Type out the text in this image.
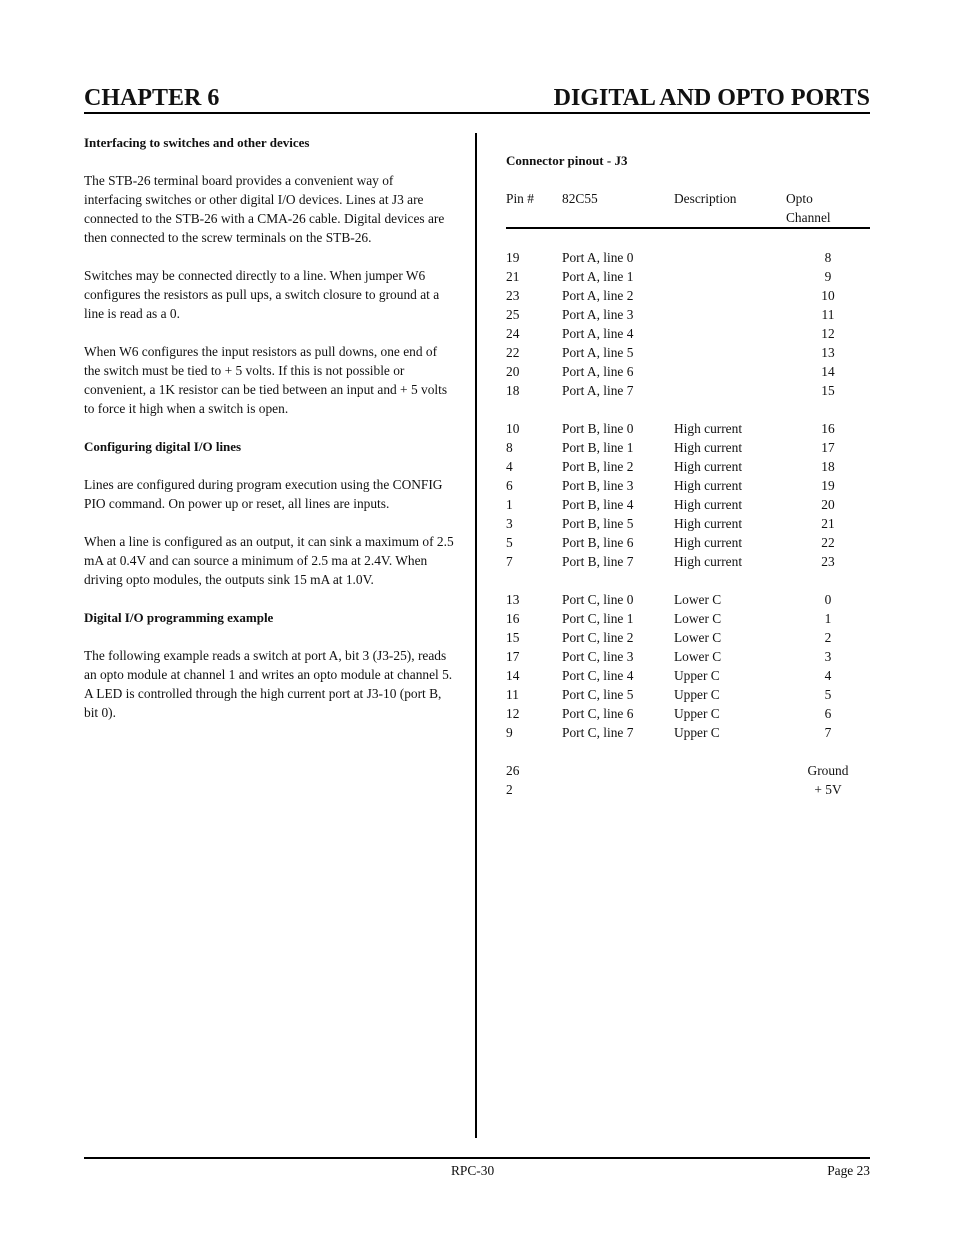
CHAPTER 6	DIGITAL AND OPTO PORTS
Interfacing to switches and other devices

The STB-26 terminal board provides a convenient way of interfacing switches or other digital I/O devices. Lines at J3 are connected to the STB-26 with a CMA-26 cable. Digital devices are then connected to the screw terminals on the STB-26.

Switches may be connected directly to a line. When jumper W6 configures the resistors as pull ups, a switch closure to ground at a line is read as a 0.

When W6 configures the input resistors as pull downs, one end of the switch must be tied to + 5 volts. If this is not possible or convenient, a 1K resistor can be tied between an input and + 5 volts to force it high when a switch is open.

Configuring digital I/O lines

Lines are configured during program execution using the CONFIG PIO command. On power up or reset, all lines are inputs.

When a line is configured as an output, it can sink a maximum of 2.5 mA at 0.4V and can source a minimum of 2.5 ma at 2.4V. When driving opto modules, the outputs sink 15 mA at 1.0V.

Digital I/O programming example

The following example reads a switch at port A, bit 3 (J3-25), reads an opto module at channel 1 and writes an opto module at channel 5. A LED is controlled through the high current port at J3-10 (port B, bit 0).

Connector pinout - J3
Pin #	82C55	Description	Opto
Channel

19	Port A, line 0		8
21	Port A, line 1		9
23	Port A, line 2		10
25	Port A, line 3		11
24	Port A, line 4		12
22	Port A, line 5		13
20	Port A, line 6		14
18	Port A, line 7		15

10	Port B, line 0	High current	16
8	Port B, line 1	High current	17
4	Port B, line 2	High current	18
6	Port B, line 3	High current	19
1	Port B, line 4	High current	20
3	Port B, line 5	High current	21
5	Port B, line 6	High current	22
7	Port B, line 7	High current	23

13	Port C, line 0	Lower C	0
16	Port C, line 1	Lower C	1
15	Port C, line 2	Lower C	2
17	Port C, line 3	Lower C	3
14	Port C, line 4	Upper C	4
11	Port C, line 5	Upper C	5
12	Port C, line 6	Upper C	6
9	Port C, line 7	Upper C	7

26			Ground
2			+ 5V
RPC-30	Page 23
